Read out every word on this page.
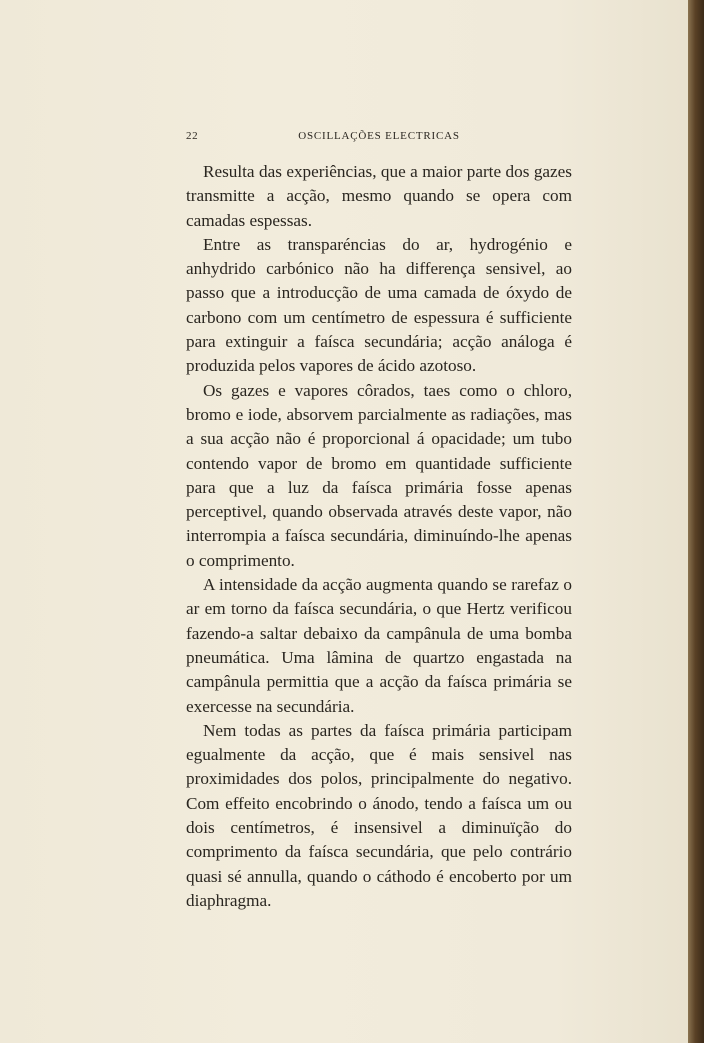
22	OSCILLAÇÕES ELECTRICAS

Resulta das experiências, que a maior parte dos gazes transmitte a acção, mesmo quando se opera com camadas espessas.

Entre as transparéncias do ar, hydrogénio e anhydrido carbónico não ha differença sensivel, ao passo que a introducção de uma camada de óxydo de carbono com um centímetro de espessura é sufficiente para extinguir a faísca secundária; acção análoga é produzida pelos vapores de ácido azotoso.

Os gazes e vapores côrados, taes como o chloro, bromo e iode, absorvem parcialmente as radiações, mas a sua acção não é proporcional á opacidade; um tubo contendo vapor de bromo em quantidade sufficiente para que a luz da faísca primária fosse apenas perceptivel, quando observada através deste vapor, não interrompia a faísca secundária, diminuíndo-lhe apenas o comprimento.

A intensidade da acção augmenta quando se rarefaz o ar em torno da faísca secundária, o que Hertz verificou fazendo-a saltar debaixo da campânula de uma bomba pneumática. Uma lâmina de quartzo engastada na campânula permittia que a acção da faísca primária se exercesse na secundária.

Nem todas as partes da faísca primária participam egualmente da acção, que é mais sensivel nas proximidades dos polos, principalmente do negativo. Com effeito encobrindo o ánodo, tendo a faísca um ou dois centímetros, é insensivel a diminuïção do comprimento da faísca secundária, que pelo contrário quasi sé annulla, quando o cáthodo é encoberto por um diaphragma.
